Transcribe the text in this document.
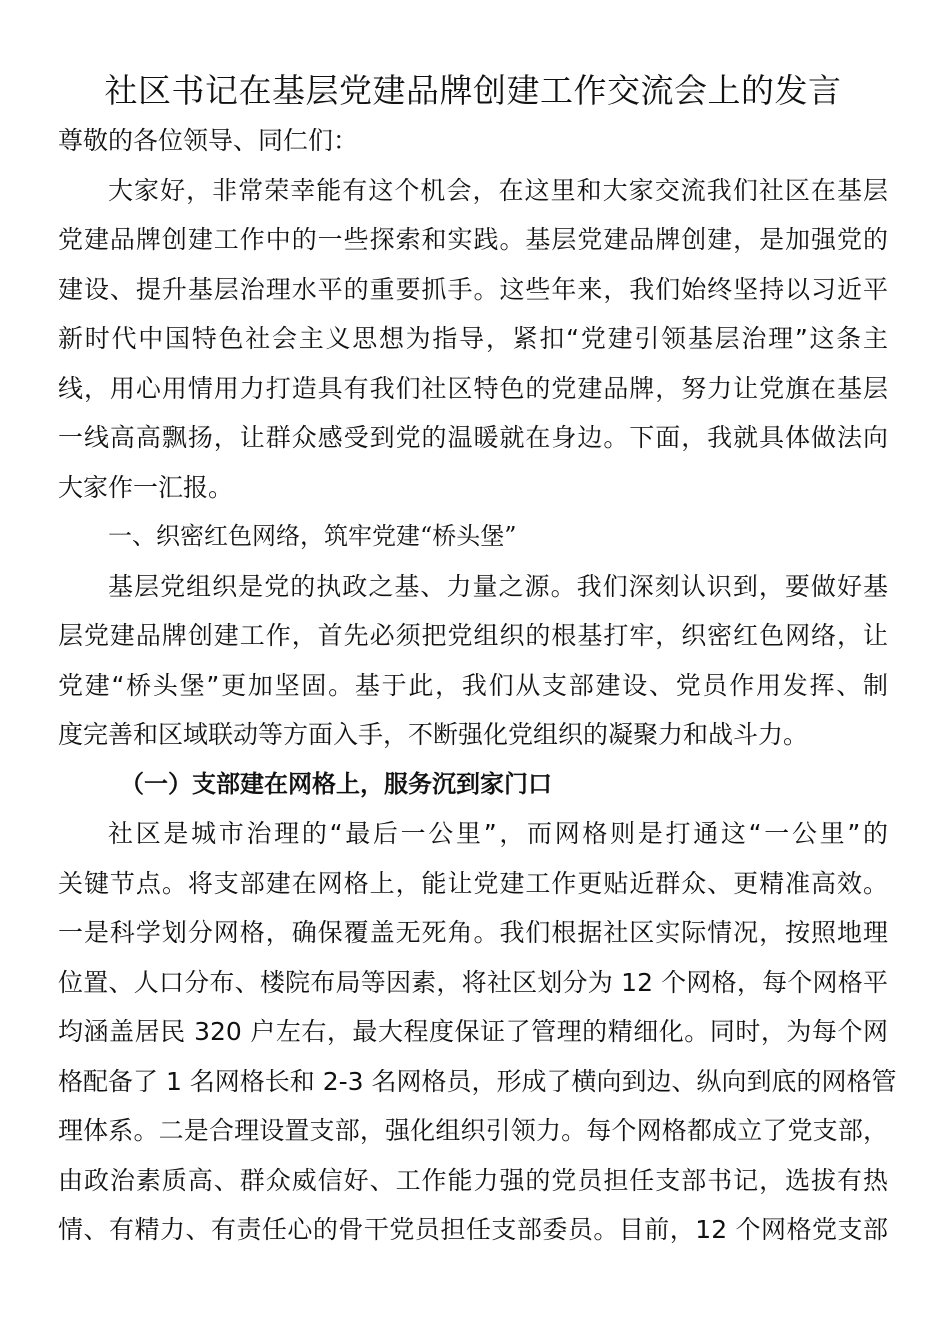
社区书记在基层党建品牌创建工作交流会上的发言
尊敬的各位领导、同仁们：
大家好，非常荣幸能有这个机会，在这里和大家交流我们社区在基层
党建品牌创建工作中的一些探索和实践。基层党建品牌创建，是加强党的
建设、提升基层治理水平的重要抓手。这些年来，我们始终坚持以习近平
新时代中国特色社会主义思想为指导，紧扣“党建引领基层治理”这条主
线，用心用情用力打造具有我们社区特色的党建品牌，努力让党旗在基层
一线高高飘扬，让群众感受到党的温暖就在身边。下面，我就具体做法向
大家作一汇报。
一、织密红色网络，筑牢党建“桥头堡”
基层党组织是党的执政之基、力量之源。我们深刻认识到，要做好基
层党建品牌创建工作，首先必须把党组织的根基打牢，织密红色网络，让
党建“桥头堡”更加坚固。基于此，我们从支部建设、党员作用发挥、制
度完善和区域联动等方面入手，不断强化党组织的凝聚力和战斗力。
（一）支部建在网格上，服务沉到家门口
社区是城市治理的“最后一公里”，而网格则是打通这“一公里”的
关键节点。将支部建在网格上，能让党建工作更贴近群众、更精准高效。
一是科学划分网格，确保覆盖无死角。我们根据社区实际情况，按照地理
位置、人口分布、楼院布局等因素，将社区划分为 12 个网格，每个网格平
均涵盖居民 320 户左右，最大程度保证了管理的精细化。同时，为每个网
格配备了 1 名网格长和 2-3 名网格员，形成了横向到边、纵向到底的网格管
理体系。二是合理设置支部，强化组织引领力。每个网格都成立了党支部，
由政治素质高、群众威信好、工作能力强的党员担任支部书记，选拔有热
情、有精力、有责任心的骨干党员担任支部委员。目前，12 个网格党支部
